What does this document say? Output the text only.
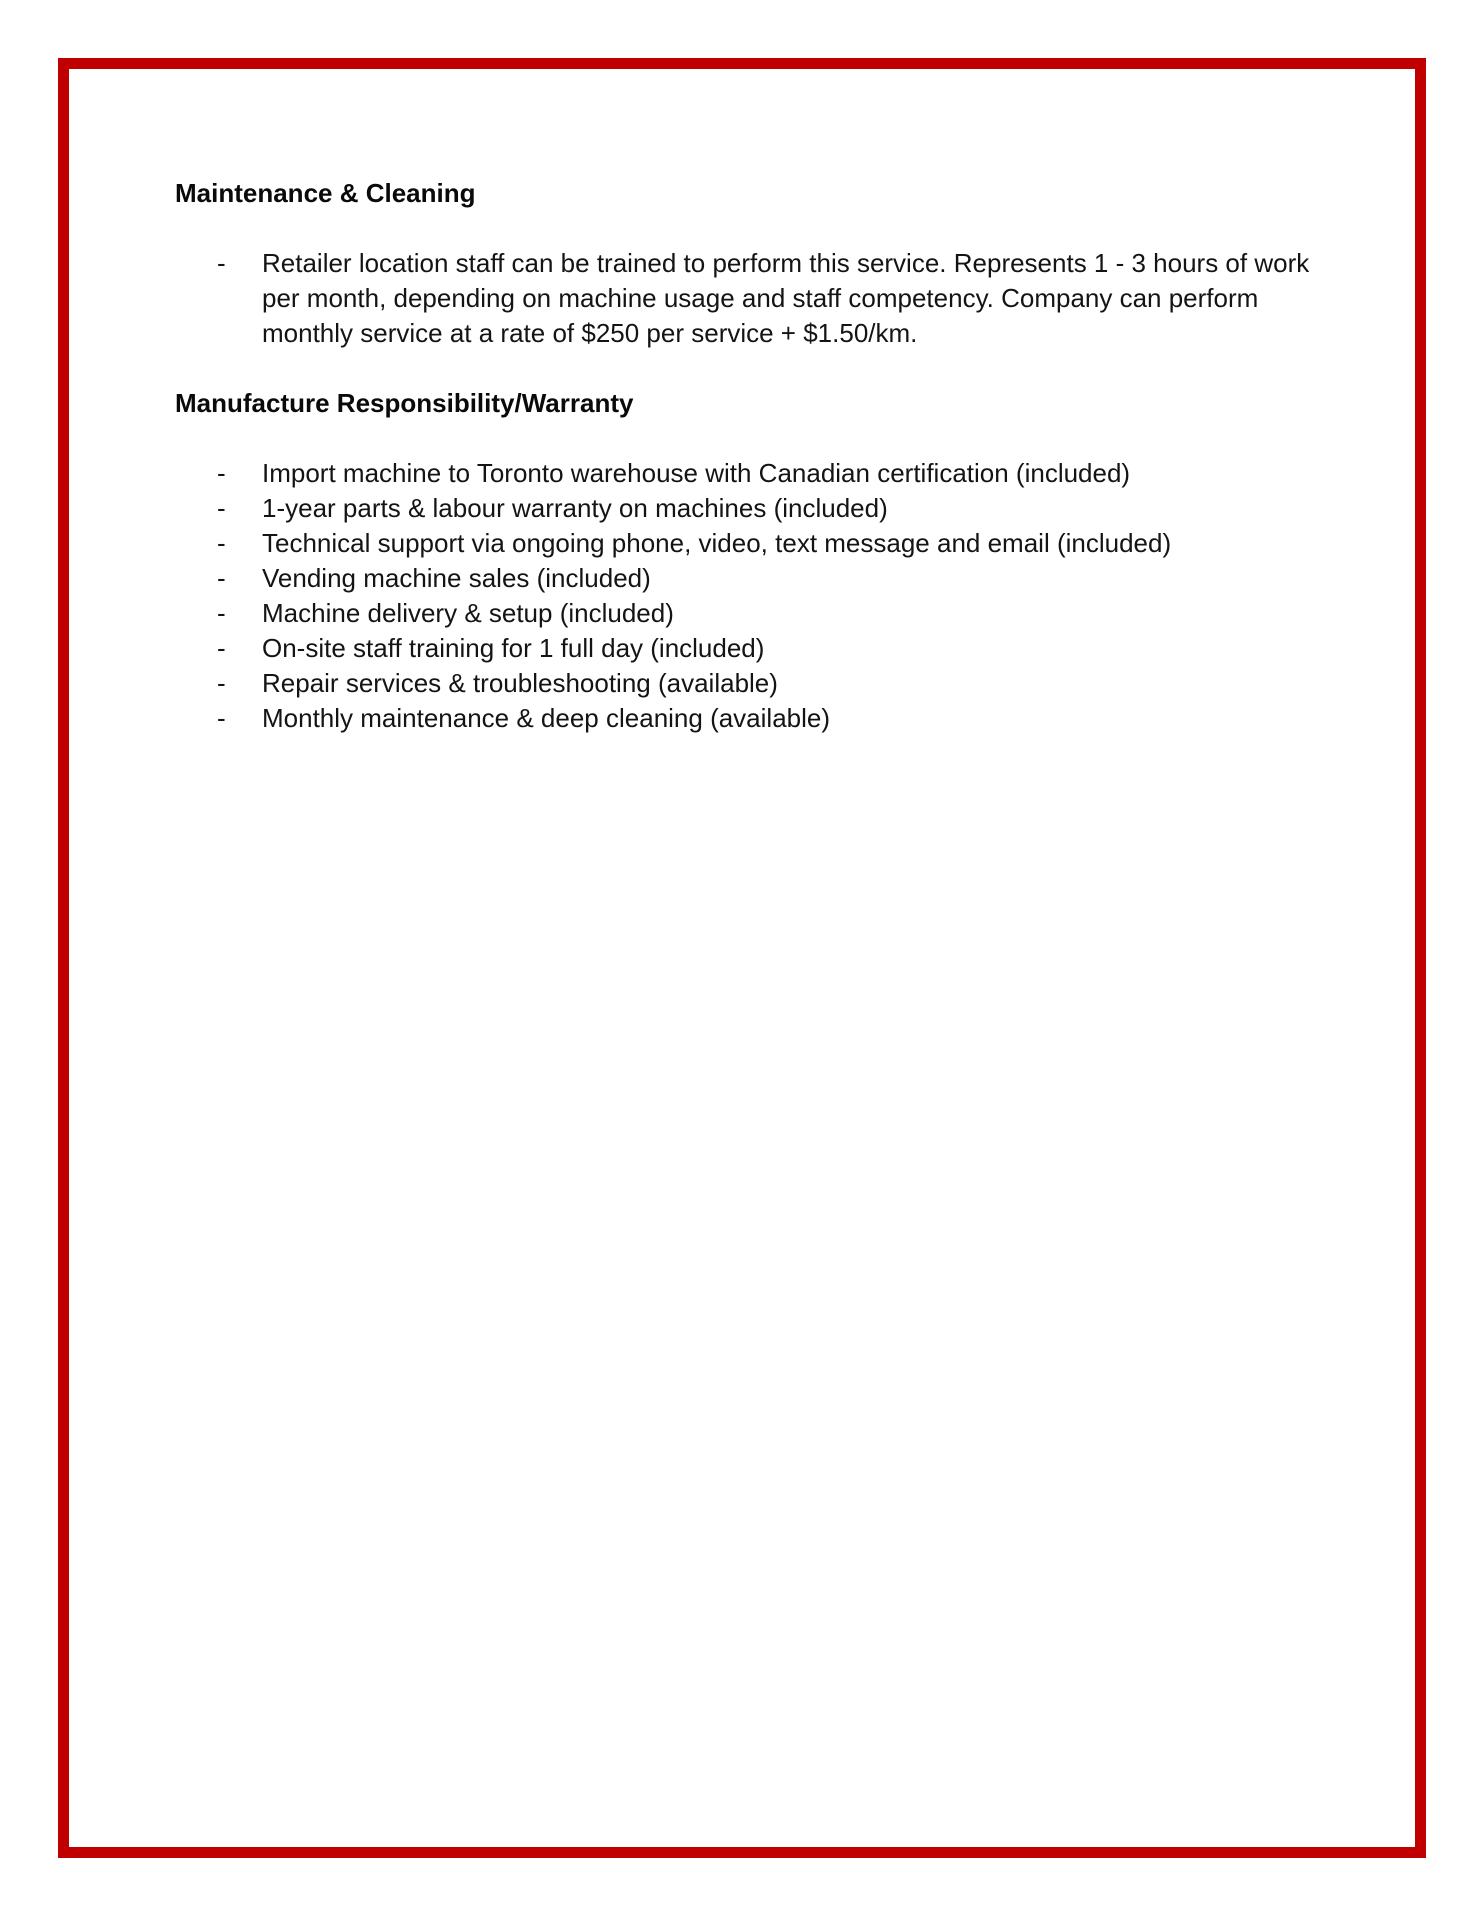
Maintenance & Cleaning
- Retailer location staff can be trained to perform this service. Represents 1 - 3 hours of work per month, depending on machine usage and staff competency. Company can perform monthly service at a rate of $250 per service + $1.50/km.
Manufacture Responsibility/Warranty
- Import machine to Toronto warehouse with Canadian certification (included)
- 1-year parts & labour warranty on machines (included)
- Technical support via ongoing phone, video, text message and email (included)
- Vending machine sales (included)
- Machine delivery & setup (included)
- On-site staff training for 1 full day (included)
- Repair services & troubleshooting (available)
- Monthly maintenance & deep cleaning (available)
